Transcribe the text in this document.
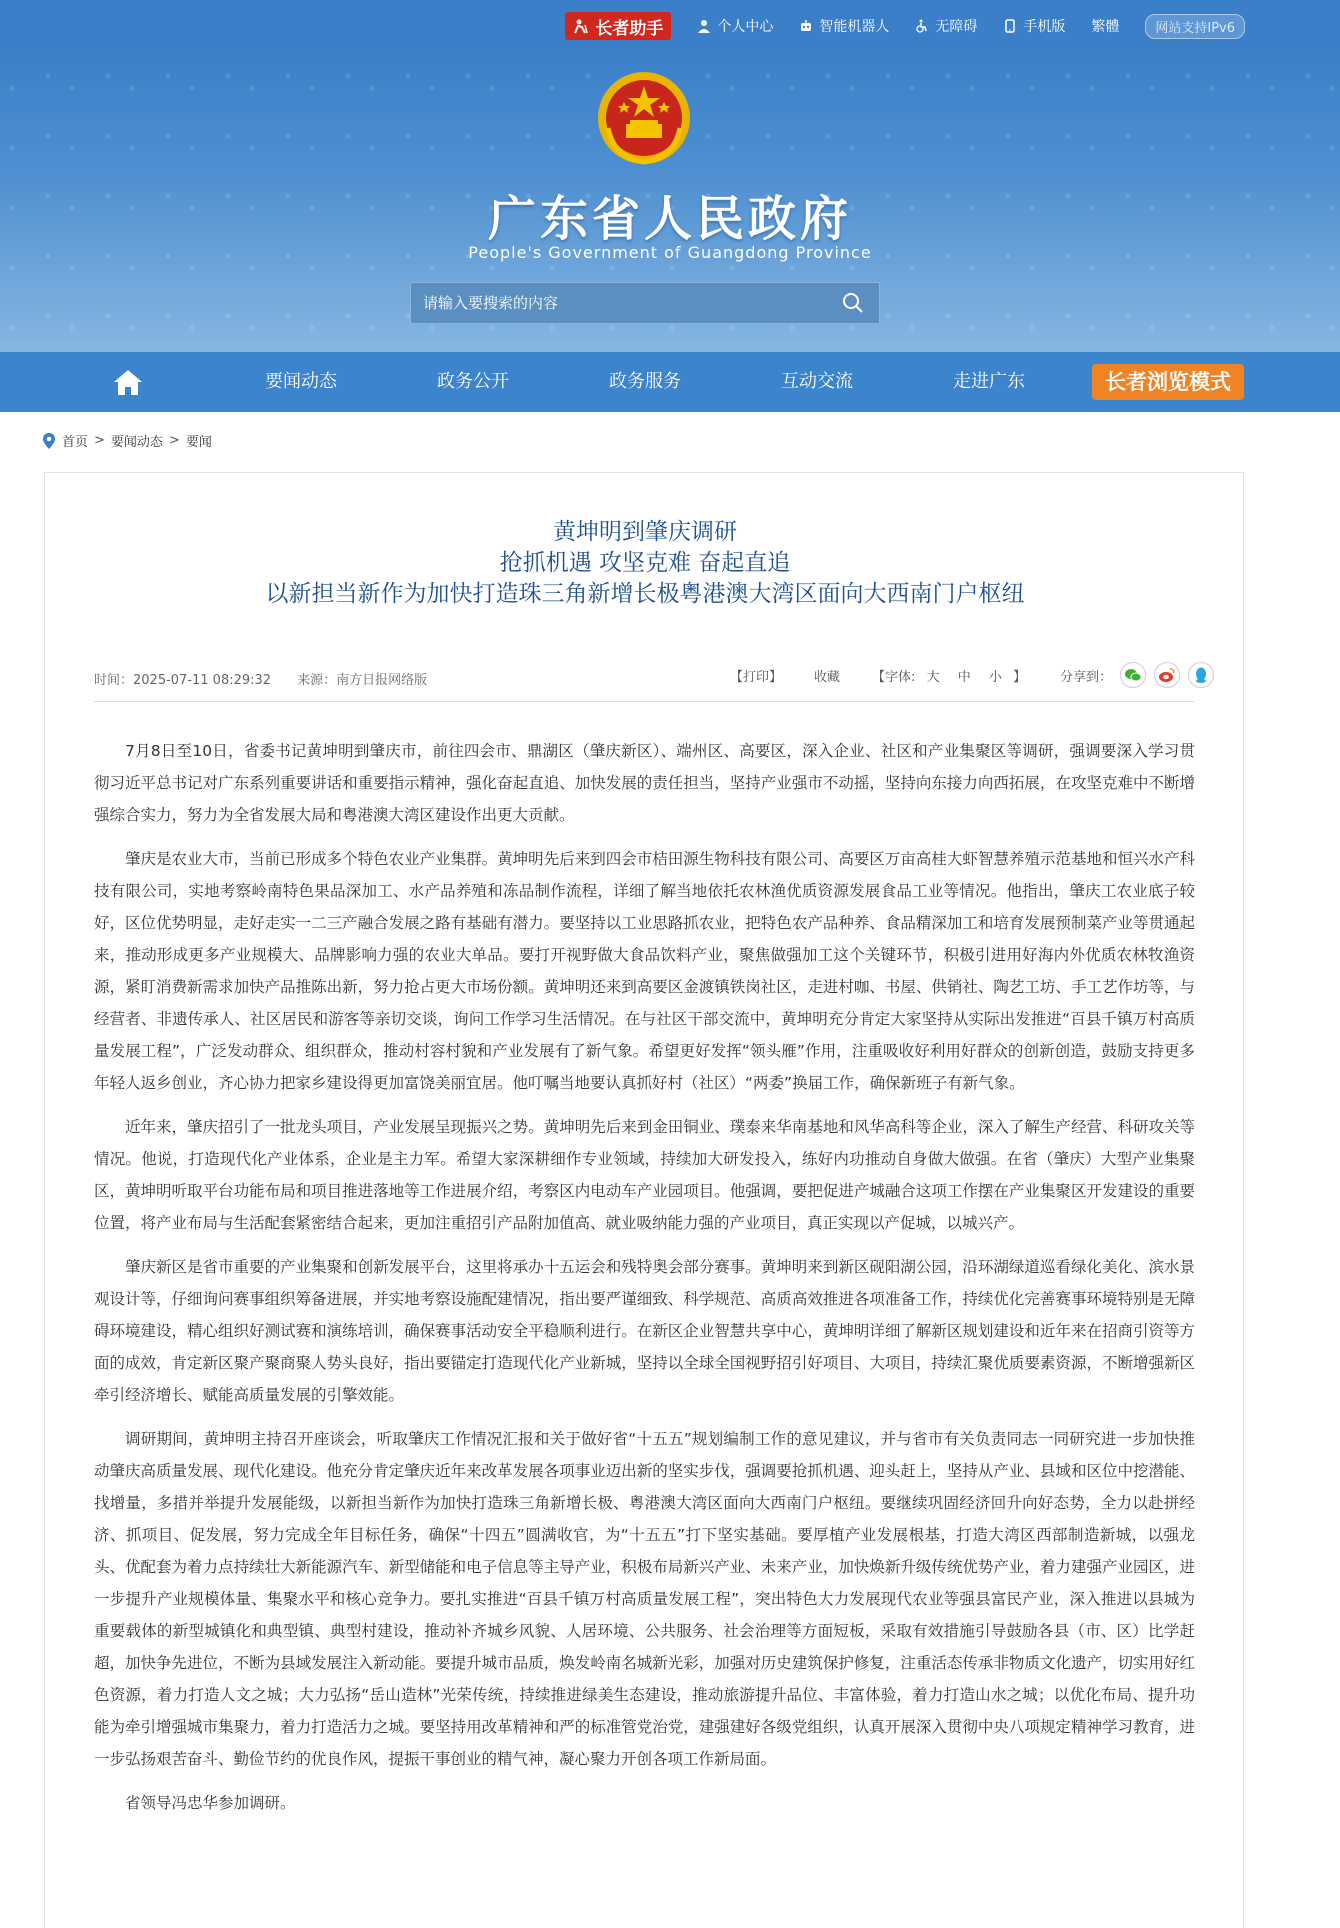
长者助手	个人中心	智能机器人	无障碍	手机版 繁體	网站支持IPv6
广东省人民政府
People's Government of Guangdong Province
请输入要搜索的内容
要闻动态	政务公开	政务服务	互动交流	走进广东	长者浏览模式
首页 > 要闻动态 > 要闻
黄坤明到肇庆调研
抢抓机遇 攻坚克难 奋起直追
以新担当新作为加快打造珠三角新增长极粤港澳大湾区面向大西南门户枢纽
时间：2025-07-11 08:29:32 来源：南方日报网络版	【打印】 收藏 【字体: 大 中 小 】	分享到：

7月8日至10日，省委书记黄坤明到肇庆市，前往四会市、鼎湖区（肇庆新区）、端州区、高要区，深入企业、社区和产业集聚区等调研，强调要深入学习贯彻习近平总书记对广东系列重要讲话和重要指示精神，强化奋起直追、加快发展的责任担当，坚持产业强市不动摇，坚持向东接力向西拓展，在攻坚克难中不断增强综合实力，努力为全省发展大局和粤港澳大湾区建设作出更大贡献。

肇庆是农业大市，当前已形成多个特色农业产业集群。黄坤明先后来到四会市桔田源生物科技有限公司、高要区万亩高桂大虾智慧养殖示范基地和恒兴水产科技有限公司，实地考察岭南特色果品深加工、水产品养殖和冻品制作流程，详细了解当地依托农林渔优质资源发展食品工业等情况。他指出，肇庆工农业底子较好，区位优势明显，走好走实一二三产融合发展之路有基础有潜力。要坚持以工业思路抓农业，把特色农产品种养、食品精深加工和培育发展预制菜产业等贯通起来，推动形成更多产业规模大、品牌影响力强的农业大单品。要打开视野做大食品饮料产业，聚焦做强加工这个关键环节，积极引进用好海内外优质农林牧渔资源，紧盯消费新需求加快产品推陈出新，努力抢占更大市场份额。黄坤明还来到高要区金渡镇铁岗社区，走进村咖、书屋、供销社、陶艺工坊、手工艺作坊等，与经营者、非遗传承人、社区居民和游客等亲切交谈，询问工作学习生活情况。在与社区干部交流中，黄坤明充分肯定大家坚持从实际出发推进“百县千镇万村高质量发展工程”，广泛发动群众、组织群众，推动村容村貌和产业发展有了新气象。希望更好发挥“领头雁”作用，注重吸收好利用好群众的创新创造，鼓励支持更多年轻人返乡创业，齐心协力把家乡建设得更加富饶美丽宜居。他叮嘱当地要认真抓好村（社区）“两委”换届工作，确保新班子有新气象。

近年来，肇庆招引了一批龙头项目，产业发展呈现振兴之势。黄坤明先后来到金田铜业、璞泰来华南基地和风华高科等企业，深入了解生产经营、科研攻关等情况。他说，打造现代化产业体系，企业是主力军。希望大家深耕细作专业领域，持续加大研发投入，练好内功推动自身做大做强。在省（肇庆）大型产业集聚区，黄坤明听取平台功能布局和项目推进落地等工作进展介绍，考察区内电动车产业园项目。他强调，要把促进产城融合这项工作摆在产业集聚区开发建设的重要位置，将产业布局与生活配套紧密结合起来，更加注重招引产品附加值高、就业吸纳能力强的产业项目，真正实现以产促城，以城兴产。

肇庆新区是省市重要的产业集聚和创新发展平台，这里将承办十五运会和残特奥会部分赛事。黄坤明来到新区砚阳湖公园，沿环湖绿道巡看绿化美化、滨水景观设计等，仔细询问赛事组织筹备进展，并实地考察设施配建情况，指出要严谨细致、科学规范、高质高效推进各项准备工作，持续优化完善赛事环境特别是无障碍环境建设，精心组织好测试赛和演练培训，确保赛事活动安全平稳顺利进行。在新区企业智慧共享中心，黄坤明详细了解新区规划建设和近年来在招商引资等方面的成效，肯定新区聚产聚商聚人势头良好，指出要锚定打造现代化产业新城，坚持以全球全国视野招引好项目、大项目，持续汇聚优质要素资源，不断增强新区牵引经济增长、赋能高质量发展的引擎效能。

调研期间，黄坤明主持召开座谈会，听取肇庆工作情况汇报和关于做好省“十五五”规划编制工作的意见建议，并与省市有关负责同志一同研究进一步加快推动肇庆高质量发展、现代化建设。他充分肯定肇庆近年来改革发展各项事业迈出新的坚实步伐，强调要抢抓机遇、迎头赶上，坚持从产业、县域和区位中挖潜能、找增量，多措并举提升发展能级，以新担当新作为加快打造珠三角新增长极、粤港澳大湾区面向大西南门户枢纽。要继续巩固经济回升向好态势，全力以赴拼经济、抓项目、促发展，努力完成全年目标任务，确保“十四五”圆满收官，为“十五五”打下坚实基础。要厚植产业发展根基，打造大湾区西部制造新城，以强龙头、优配套为着力点持续壮大新能源汽车、新型储能和电子信息等主导产业，积极布局新兴产业、未来产业，加快焕新升级传统优势产业，着力建强产业园区，进一步提升产业规模体量、集聚水平和核心竞争力。要扎实推进“百县千镇万村高质量发展工程”，突出特色大力发展现代农业等强县富民产业，深入推进以县城为重要载体的新型城镇化和典型镇、典型村建设，推动补齐城乡风貌、人居环境、公共服务、社会治理等方面短板，采取有效措施引导鼓励各县（市、区）比学赶超，加快争先进位，不断为县域发展注入新动能。要提升城市品质，焕发岭南名城新光彩，加强对历史建筑保护修复，注重活态传承非物质文化遗产，切实用好红色资源，着力打造人文之城；大力弘扬“岳山造林”光荣传统，持续推进绿美生态建设，推动旅游提升品位、丰富体验，着力打造山水之城；以优化布局、提升功能为牵引增强城市集聚力，着力打造活力之城。要坚持用改革精神和严的标准管党治党，建强建好各级党组织，认真开展深入贯彻中央八项规定精神学习教育，进一步弘扬艰苦奋斗、勤俭节约的优良作风，提振干事创业的精气神，凝心聚力开创各项工作新局面。

省领导冯忠华参加调研。
